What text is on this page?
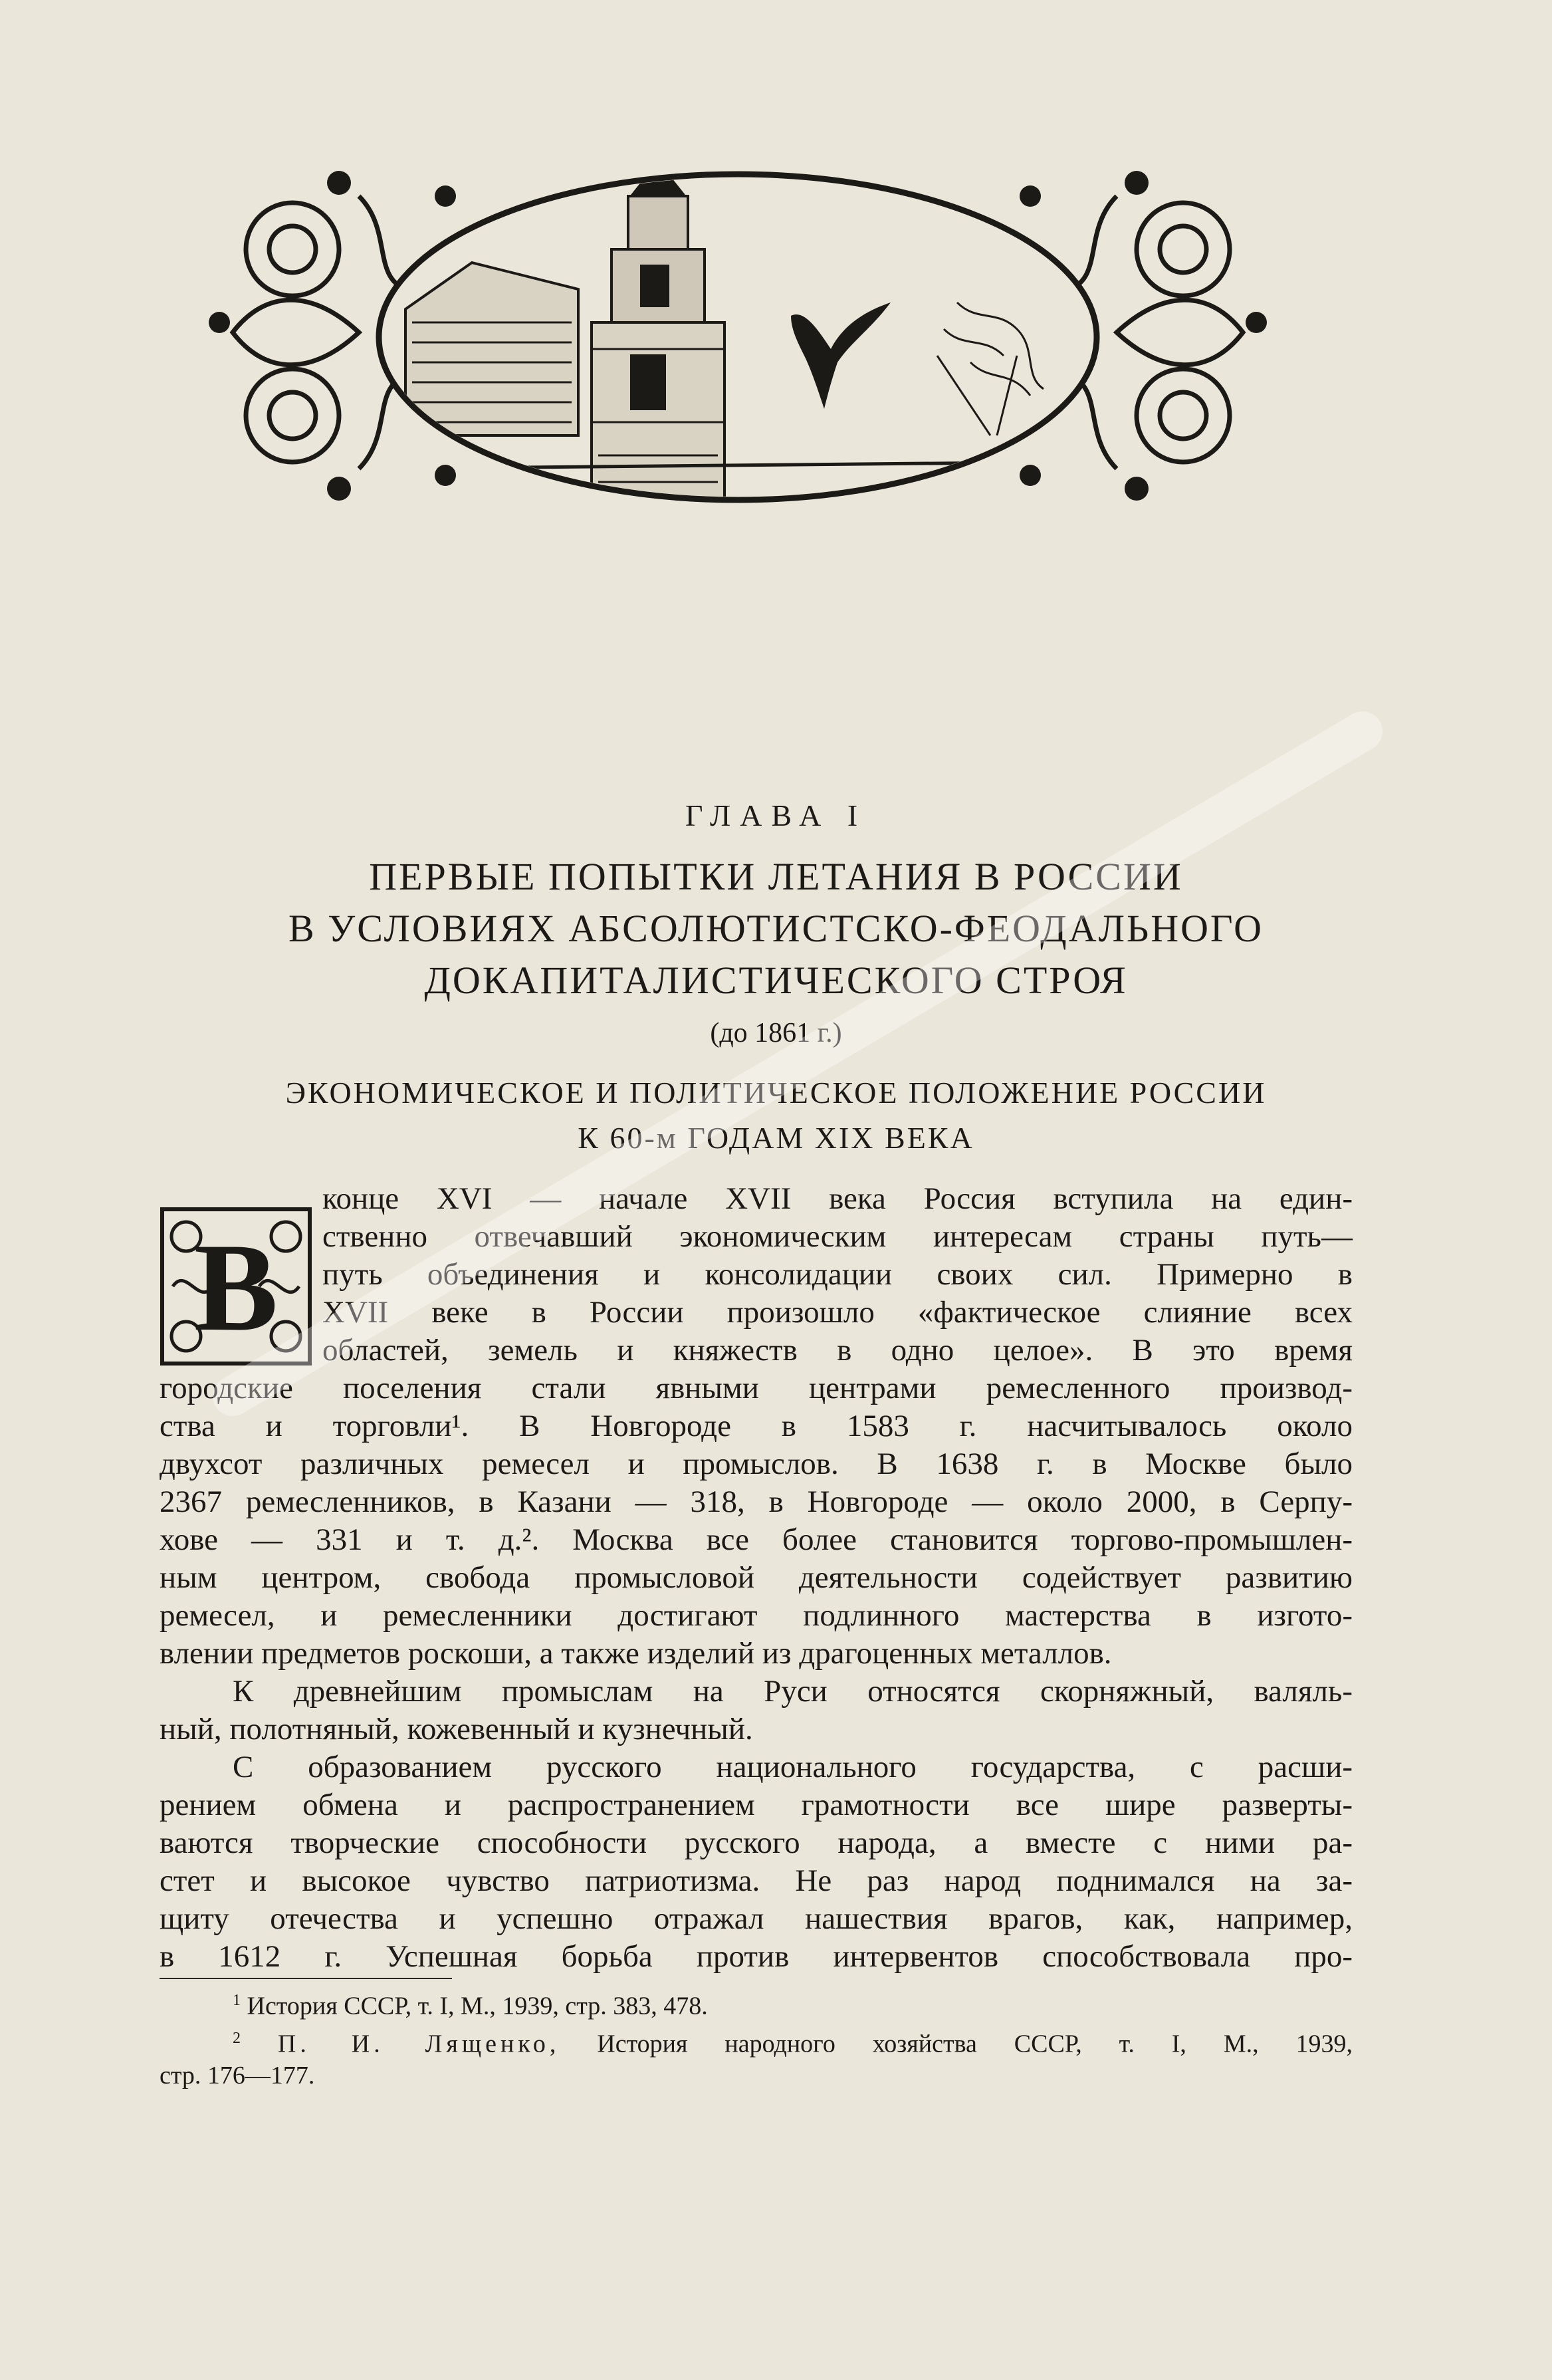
ГЛАВА I
ПЕРВЫЕ ПОПЫТКИ ЛЕТАНИЯ В РОССИИ
В УСЛОВИЯХ АБСОЛЮТИСТСКО-ФЕОДАЛЬНОГО
ДОКАПИТАЛИСТИЧЕСКОГО СТРОЯ
(до 1861 г.)
ЭКОНОМИЧЕСКОЕ И ПОЛИТИЧЕСКОЕ ПОЛОЖЕНИЕ РОССИИ
К 60-м ГОДАМ XIX ВЕКА
В
конце XVI — начале XVII века Россия вступила на един-
ственно отвечавший экономическим интересам страны путь—
путь объединения и консолидации своих сил. Примерно в
XVII веке в России произошло «фактическое слияние всех
областей, земель и княжеств в одно целое». В это время
городские поселения стали явными центрами ремесленного производ-
ства и торговли¹. В Новгороде в 1583 г. насчитывалось около
двухсот различных ремесел и промыслов. В 1638 г. в Москве было
2367 ремесленников, в Казани — 318, в Новгороде — около 2000, в Серпу-
хове — 331 и т. д.². Москва все более становится торгово-промышлен-
ным центром, свобода промысловой деятельности содействует развитию
ремесел, и ремесленники достигают подлинного мастерства в изгото-
влении предметов роскоши, а также изделий из драгоценных металлов.
К древнейшим промыслам на Руси относятся скорняжный, валяль-
ный, полотняный, кожевенный и кузнечный.
С образованием русского национального государства, с расши-
рением обмена и распространением грамотности все шире разверты-
ваются творческие способности русского народа, а вместе с ними ра-
стет и высокое чувство патриотизма. Не раз народ поднимался на за-
щиту отечества и успешно отражал нашествия врагов, как, например,
в 1612 г. Успешная борьба против интервентов способствовала про-
$^1$ История СССР, т. I, М., 1939, стр. 383, 478.
$^2$ П. И. Лященко, История народного хозяйства СССР, т. I, М., 1939,
стр. 176—177.
